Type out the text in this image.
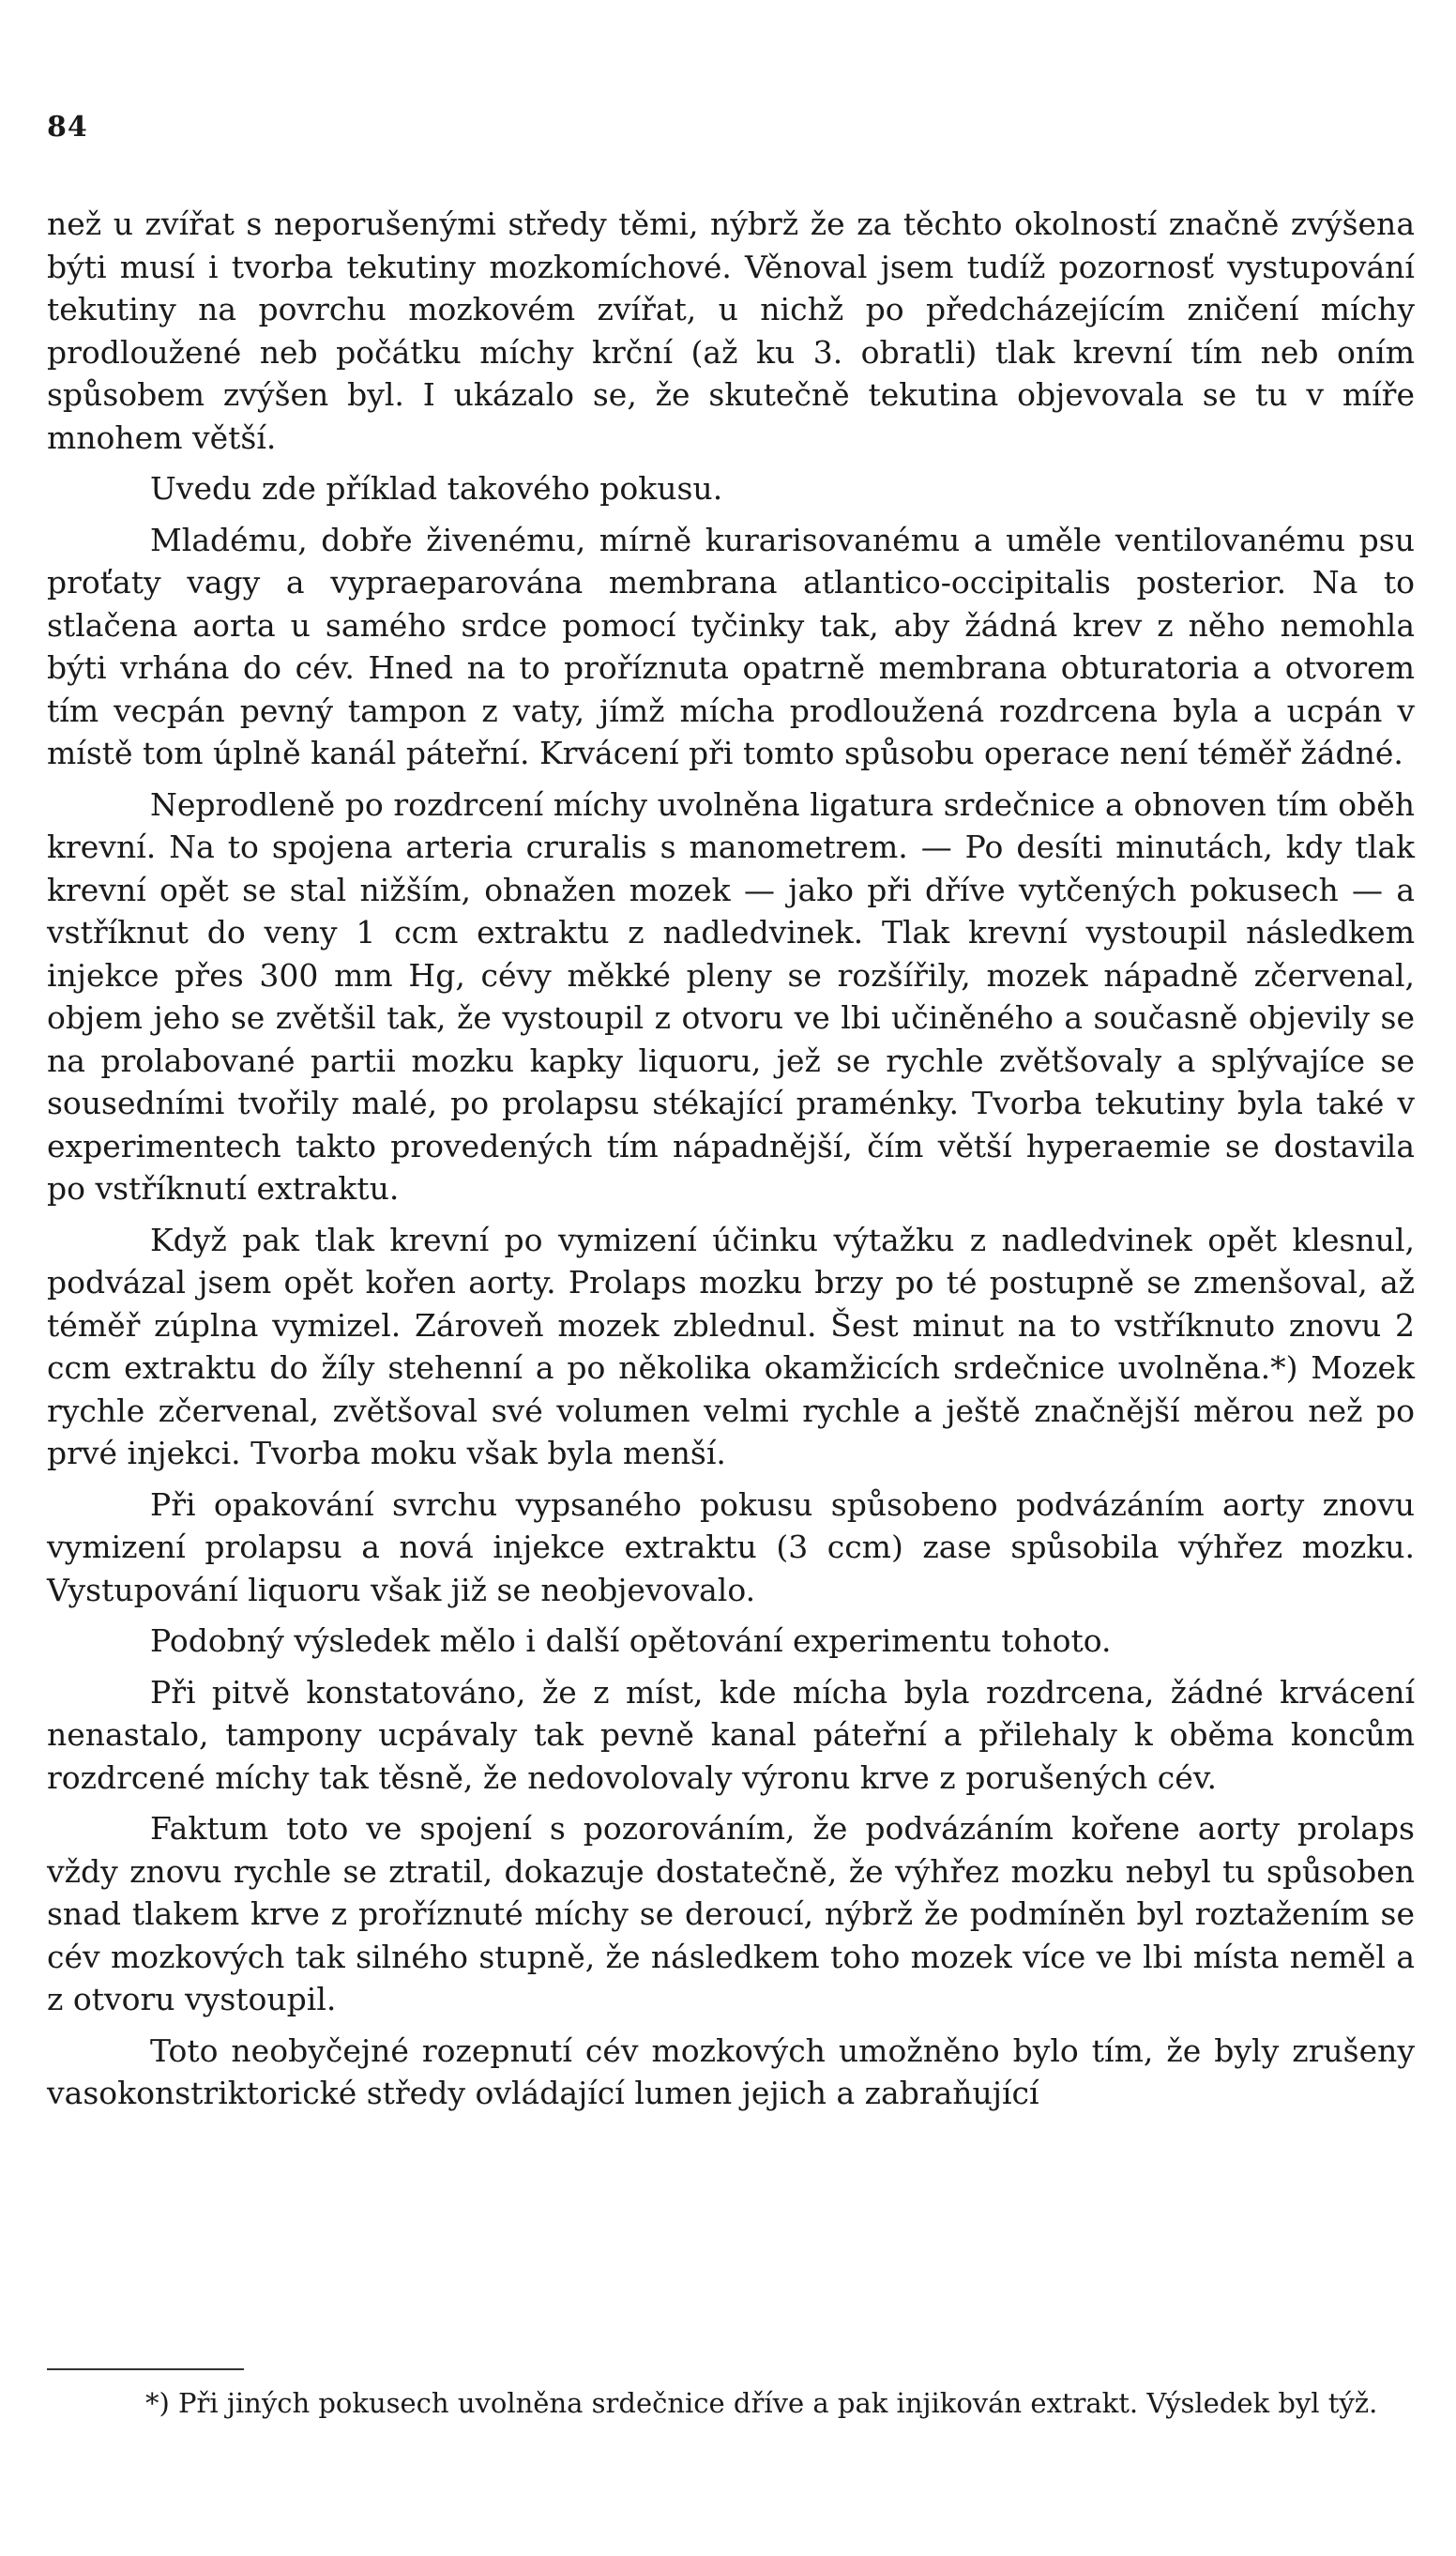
84

než u zvířat s neporušenými středy těmi, nýbrž že za těchto okolností značně zvýšena býti musí i tvorba tekutiny mozkomíchové. Věnoval jsem tudíž pozornosť vystupování tekutiny na povrchu mozkovém zvířat, u nichž po předcházejícím zničení míchy prodloužené neb počátku míchy krční (až ku 3. obratli) tlak krevní tím neb oním spůsobem zvýšen byl. I ukázalo se, že skutečně tekutina objevovala se tu v míře mnohem větší.

Uvedu zde příklad takového pokusu.

Mladému, dobře živenému, mírně kurarisovanému a uměle ventilovanému psu proťaty vagy a vypraeparována membrana atlantico-occipitalis posterior. Na to stlačena aorta u samého srdce pomocí tyčinky tak, aby žádná krev z něho nemohla býti vrhána do cév. Hned na to proříznuta opatrně membrana obturatoria a otvorem tím vecpán pevný tampon z vaty, jímž mícha prodloužená rozdrcena byla a ucpán v místě tom úplně kanál páteřní. Krvácení při tomto spůsobu operace není téměř žádné.

Neprodleně po rozdrcení míchy uvolněna ligatura srdečnice a obnoven tím oběh krevní. Na to spojena arteria cruralis s manometrem. — Po desíti minutách, kdy tlak krevní opět se stal nižším, obnažen mozek — jako při dříve vytčených pokusech — a vstříknut do veny 1 ccm extraktu z nadledvinek. Tlak krevní vystoupil následkem injekce přes 300 mm Hg, cévy měkké pleny se rozšířily, mozek nápadně zčervenal, objem jeho se zvětšil tak, že vystoupil z otvoru ve lbi učiněného a současně objevily se na prolabované partii mozku kapky liquoru, jež se rychle zvětšovaly a splývajíce se sousedními tvořily malé, po prolapsu stékající praménky. Tvorba tekutiny byla také v experimentech takto provedených tím nápadnější, čím větší hyperaemie se dostavila po vstříknutí extraktu.

Když pak tlak krevní po vymizení účinku výtažku z nadledvinek opět klesnul, podvázal jsem opět kořen aorty. Prolaps mozku brzy po té postupně se zmenšoval, až téměř zúplna vymizel. Zároveň mozek zblednul. Šest minut na to vstříknuto znovu 2 ccm extraktu do žíly stehenní a po několika okamžicích srdečnice uvolněna.*) Mozek rychle zčervenal, zvětšoval své volumen velmi rychle a ještě značnější měrou než po prvé injekci. Tvorba moku však byla menší.

Při opakování svrchu vypsaného pokusu spůsobeno podvázáním aorty znovu vymizení prolapsu a nová injekce extraktu (3 ccm) zase spůsobila výhřez mozku. Vystupování liquoru však již se neobjevovalo.

Podobný výsledek mělo i další opětování experimentu tohoto.

Při pitvě konstatováno, že z míst, kde mícha byla rozdrcena, žádné krvácení nenastalo, tampony ucpávaly tak pevně kanal páteřní a přilehaly k oběma koncům rozdrcené míchy tak těsně, že nedovolovaly výronu krve z porušených cév.

Faktum toto ve spojení s pozorováním, že podvázáním kořene aorty prolaps vždy znovu rychle se ztratil, dokazuje dostatečně, že výhřez mozku nebyl tu spůsoben snad tlakem krve z proříznuté míchy se deroucí, nýbrž že podmíněn byl roztažením se cév mozkových tak silného stupně, že následkem toho mozek více ve lbi místa neměl a z otvoru vystoupil.

Toto neobyčejné rozepnutí cév mozkových umožněno bylo tím, že byly zrušeny vasokonstriktorické středy ovládající lumen jejich a zabraňující

*) Při jiných pokusech uvolněna srdečnice dříve a pak injikován extrakt. Výsledek byl týž.
